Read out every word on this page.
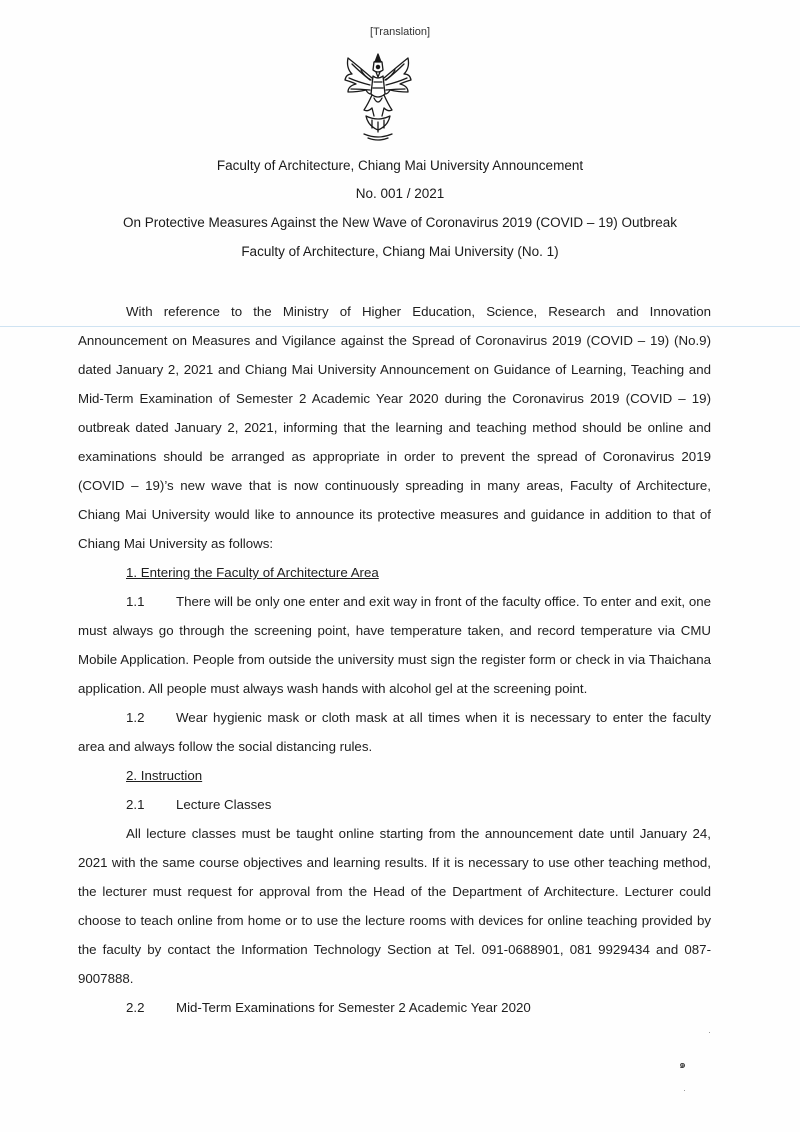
[Translation]
Faculty of Architecture, Chiang Mai University Announcement
No. 001 / 2021
On Protective Measures Against the New Wave of Coronavirus 2019 (COVID – 19) Outbreak
Faculty of Architecture, Chiang Mai University (No. 1)

With reference to the Ministry of Higher Education, Science, Research and Innovation Announcement on Measures and Vigilance against the Spread of Coronavirus 2019 (COVID – 19) (No.9) dated January 2, 2021 and Chiang Mai University Announcement on Guidance of Learning, Teaching and Mid-Term Examination of Semester 2 Academic Year 2020 during the Coronavirus 2019 (COVID – 19) outbreak dated January 2, 2021, informing that the learning and teaching method should be online and examinations should be arranged as appropriate in order to prevent the spread of Coronavirus 2019 (COVID – 19)’s new wave that is now continuously spreading in many areas, Faculty of Architecture, Chiang Mai University would like to announce its protective measures and guidance in addition to that of Chiang Mai University as follows:

1. Entering the Faculty of Architecture Area

1.1 There will be only one enter and exit way in front of the faculty office. To enter and exit, one must always go through the screening point, have temperature taken, and record temperature via CMU Mobile Application. People from outside the university must sign the register form or check in via Thaichana application. All people must always wash hands with alcohol gel at the screening point.

1.2 Wear hygienic mask or cloth mask at all times when it is necessary to enter the faculty area and always follow the social distancing rules.

2. Instruction

2.1 Lecture Classes

All lecture classes must be taught online starting from the announcement date until January 24, 2021 with the same course objectives and learning results. If it is necessary to use other teaching method, the lecturer must request for approval from the Head of the Department of Architecture. Lecturer could choose to teach online from home or to use the lecture rooms with devices for online teaching provided by the faculty by contact the Information Technology Section at Tel. 091-0688901, 081 9929434 and 087-9007888.

2.2 Mid-Term Examinations for Semester 2 Academic Year 2020

๑
